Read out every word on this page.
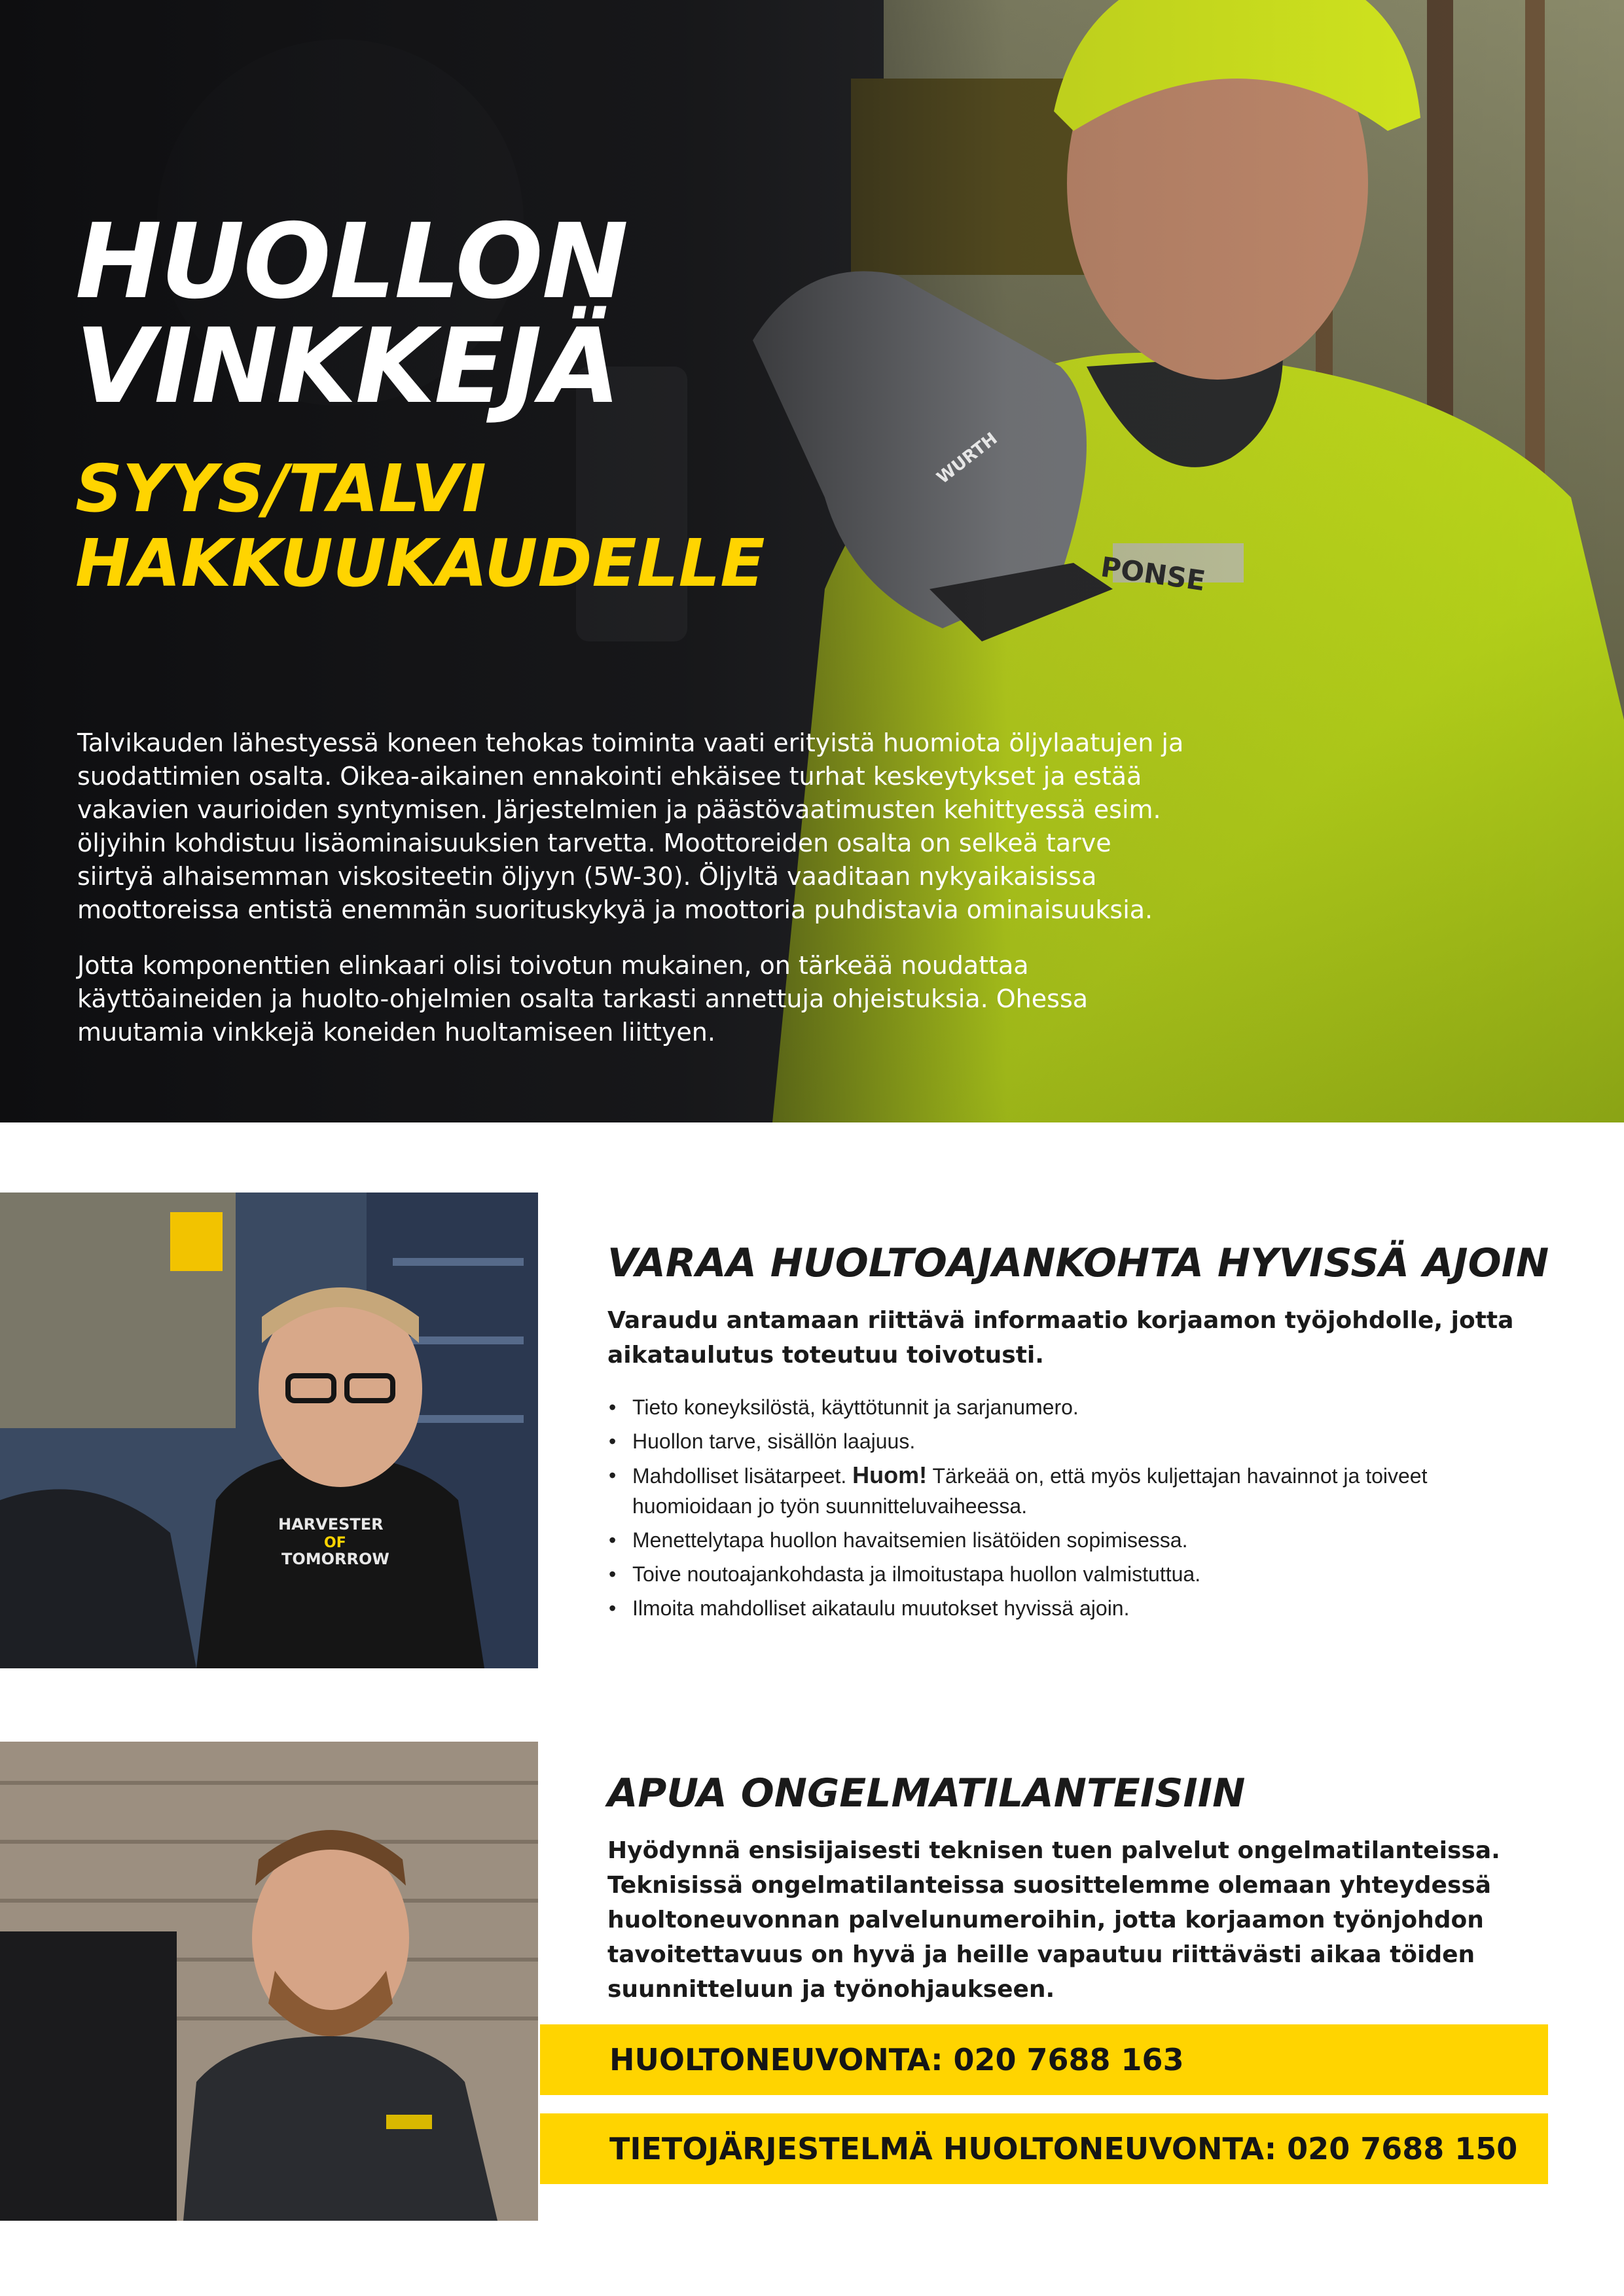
WURTH
PONSE
HUOLLON
VINKKEJÄ
SYYS/TALVI
HAKKUUKAUDELLE

Talvikauden lähestyessä koneen tehokas toiminta vaati erityistä huomiota öljylaatujen ja suodattimien osalta. Oikea-aikainen ennakointi ehkäisee turhat keskeytykset ja estää vakavien vaurioiden syntymisen. Järjestelmien ja päästövaatimusten kehittyessä esim. öljyihin kohdistuu lisäominaisuuksien tarvetta. Moottoreiden osalta on selkeä tarve siirtyä alhaisemman viskositeetin öljyyn (5W-30). Öljyltä vaaditaan nykyaikaisissa moottoreissa entistä enemmän suorituskykyä ja moottoria puhdistavia ominaisuuksia.

Jotta komponenttien elinkaari olisi toivotun mukainen, on tärkeää noudattaa käyttöaineiden ja huolto-ohjelmien osalta tarkasti annettuja ohjeistuksia. Ohessa muutamia vinkkejä koneiden huoltamiseen liittyen.

HARVESTER
OF
TOMORROW
VARAA HUOLTOAJANKOHTA HYVISSÄ AJOIN

Varaudu antamaan riittävä informaatio korjaamon työjohdolle, jotta aikataulutus toteutuu toivotusti.

• Tieto koneyksilöstä, käyttötunnit ja sarjanumero.
• Huollon tarve, sisällön laajuus.
• Mahdolliset lisätarpeet. Huom! Tärkeää on, että myös kuljettajan havainnot ja toiveet huomioidaan jo työn suunnitteluvaiheessa.
• Menettelytapa huollon havaitsemien lisätöiden sopimisessa.
• Toive noutoajankohdasta ja ilmoitustapa huollon valmistuttua.
• Ilmoita mahdolliset aikataulu muutokset hyvissä ajoin.
APUA ONGELMATILANTEISIIN

Hyödynnä ensisijaisesti teknisen tuen palvelut ongelmatilanteissa. Teknisissä ongelmatilanteissa suosittelemme olemaan yhteydessä huoltoneuvonnan palvelunumeroihin, jotta korjaamon työnjohdon tavoitettavuus on hyvä ja heille vapautuu riittävästi aikaa töiden suunnitteluun ja työnohjaukseen.

HUOLTONEUVONTA: 020 7688 163
TIETOJÄRJESTELMÄ HUOLTONEUVONTA: 020 7688 150
